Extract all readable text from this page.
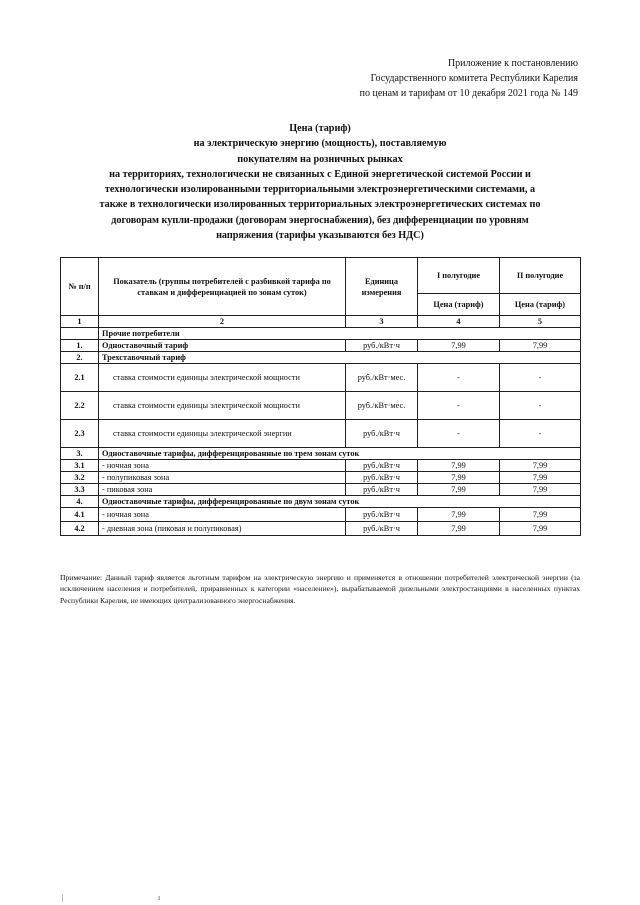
Приложение к постановлению
Государственного комитета Республики Карелия
по ценам и тарифам от 10 декабря 2021 года № 149
Цена (тариф)
на электрическую энергию (мощность), поставляемую
покупателям на розничных рынках
на территориях, технологически не связанных с Единой энергетической системой России и
технологически изолированными территориальными электроэнергетическими системами, а
также в технологически изолированных территориальных электроэнергетических системах по
договорам купли-продажи (договорам энергоснабжения), без дифференциации по уровням
напряжения (тарифы указываются без НДС)
№ п/п	Показатель (группы потребителей с разбивкой тарифа по ставкам и дифференциацией по зонам суток)	Единица измерения	I полугодие	II полугодие
			Цена (тариф)	Цена (тариф)
1	2	3	4	5
	Прочие потребители			
1.	Одноставочный тариф	руб./кВт·ч	7,99	7,99
2.	Трехставочный тариф			
2.1	ставка стоимости единицы электрической мощности	руб./кВт·мес.	-	-
2.2	ставка стоимости единицы электрической мощности	руб./кВт·мес.	-	-
2.3	ставка стоимости единицы электрической энергии	руб./кВт·ч	-	-
3.	Одноставочные тарифы, дифференцированные по трем зонам суток			
3.1	- ночная зона	руб./кВт·ч	7,99	7,99
3.2	- полупиковая зона	руб./кВт·ч	7,99	7,99
3.3	- пиковая зона	руб./кВт·ч	7,99	7,99
4.	Одноставочные тарифы, дифференцированные по двум зонам суток			
4.1	- ночная зона	руб./кВт·ч	7,99	7,99
4.2	- дневная зона (пиковая и полупиковая)	руб./кВт·ч	7,99	7,99
Примечание: Данный тариф является льготным тарифом на электрическую энергию и применяется в отношении потребителей электрической энергии (за исключением населения и потребителей, приравненных к категории «население»), вырабатываемой дизельными электростанциями в населенных пунктах Республики Карелия, не имеющих централизованного энергоснабжения.
|	ı
